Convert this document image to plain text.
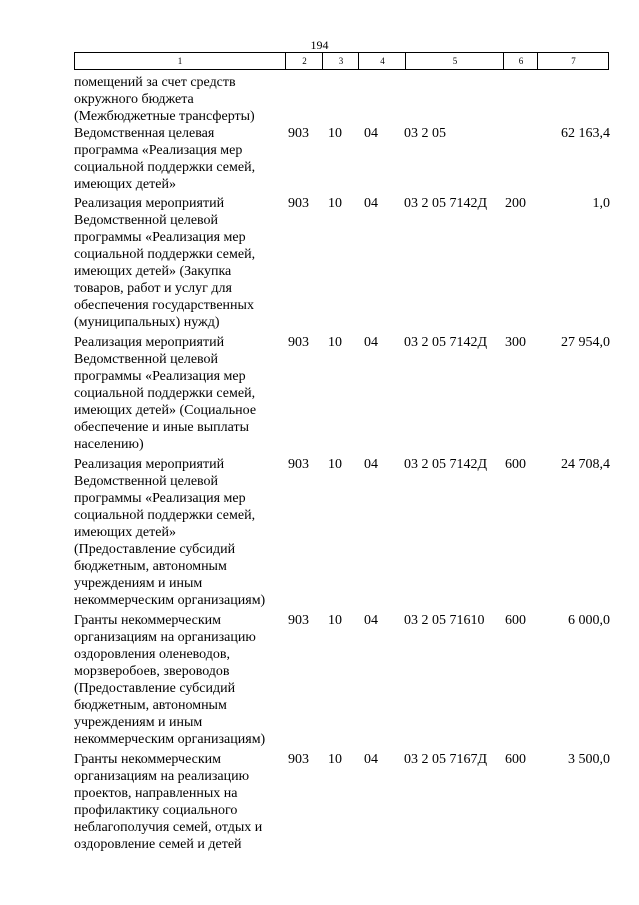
194
1	2	3	4	5	6	7
помещений за счет средств
окружного бюджета
(Межбюджетные трансферты)
Ведомственная целевая
программа «Реализация мер
социальной поддержки семей,
имеющих детей»
903 10 04 03 2 05	62 163,4
Реализация мероприятий
Ведомственной целевой
программы «Реализация мер
социальной поддержки семей,
имеющих детей» (Закупка
товаров, работ и услуг для
обеспечения государственных
(муниципальных) нужд)
903 10 04 03 2 05 7142Д 200	1,0
Реализация мероприятий
Ведомственной целевой
программы «Реализация мер
социальной поддержки семей,
имеющих детей» (Социальное
обеспечение и иные выплаты
населению)
903 10 04 03 2 05 7142Д 300	27 954,0
Реализация мероприятий
Ведомственной целевой
программы «Реализация мер
социальной поддержки семей,
имеющих детей»
(Предоставление субсидий
бюджетным, автономным
учреждениям и иным
некоммерческим организациям)
903 10 04 03 2 05 7142Д 600	24 708,4
Гранты некоммерческим
организациям на организацию
оздоровления оленеводов,
морзверобоев, звероводов
(Предоставление субсидий
бюджетным, автономным
учреждениям и иным
некоммерческим организациям)
903 10 04 03 2 05 71610 600	6 000,0
Гранты некоммерческим
организациям на реализацию
проектов, направленных на
профилактику социального
неблагополучия семей, отдых и
оздоровление семей и детей
903 10 04 03 2 05 7167Д 600	3 500,0
